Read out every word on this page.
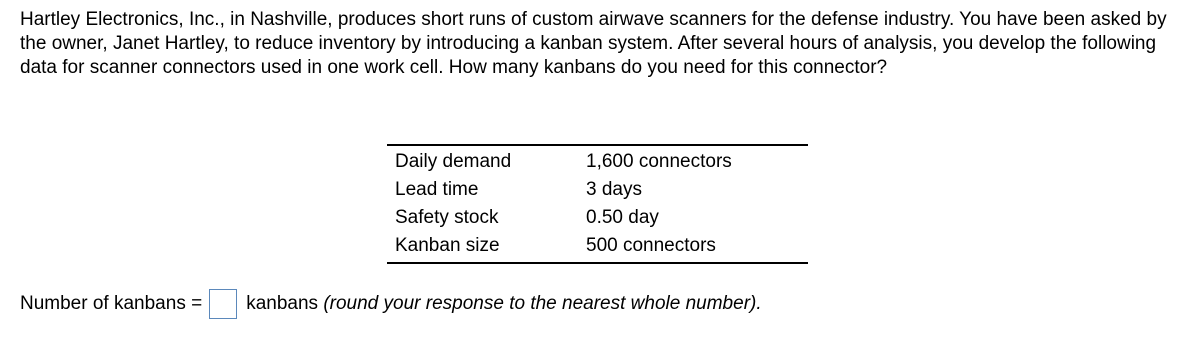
Hartley Electronics, Inc., in Nashville, produces short runs of custom airwave scanners for the defense industry. You have been asked by the owner, Janet Hartley, to reduce inventory by introducing a kanban system. After several hours of analysis, you develop the following data for scanner connectors used in one work cell. How many kanbans do you need for this connector?

Daily demand	1,600 connectors
Lead time	3 days
Safety stock	0.50 day
Kanban size	500 connectors
Number of kanbans = kanbans
(round your response to the nearest whole number).
